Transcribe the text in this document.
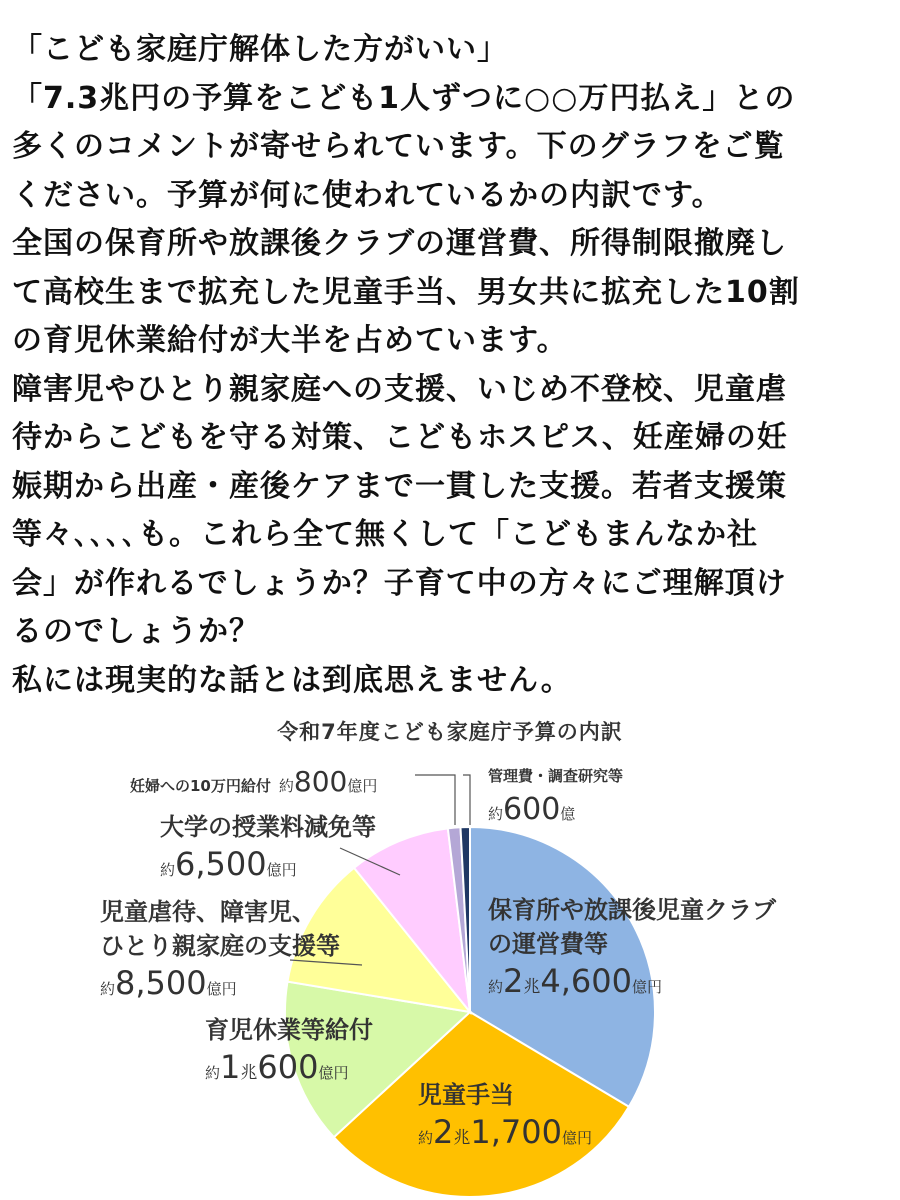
「こども家庭庁解体した方がいい」
「7.3兆円の予算をこども1人ずつに○○万円払え」との
多くのコメントが寄せられています。下のグラフをご覧
ください。予算が何に使われているかの内訳です。
全国の保育所や放課後クラブの運営費、所得制限撤廃し
て高校生まで拡充した児童手当、男女共に拡充した10割
の育児休業給付が大半を占めています。
障害児やひとり親家庭への支援、いじめ不登校、児童虐
待からこどもを守る対策、こどもホスピス、妊産婦の妊
娠期から出産・産後ケアまで一貫した支援。若者支援策
等々､､､､も。これら全て無くして「こどもまんなか社
会」が作れるでしょうか？子育て中の方々にご理解頂け
るのでしょうか？
私には現実的な話とは到底思えません。
令和7年度こども家庭庁予算の内訳
保育所や放課後児童クラブ
の運営費等
約2兆4,600億円
児童手当
約2兆1,700億円
育児休業等給付
約1兆600億円
児童虐待、障害児、
ひとり親家庭の支援等
約8,500億円
大学の授業料減免等
約6,500億円
妊婦への10万円給付 約800億円
管理費・調査研究等
約600億
